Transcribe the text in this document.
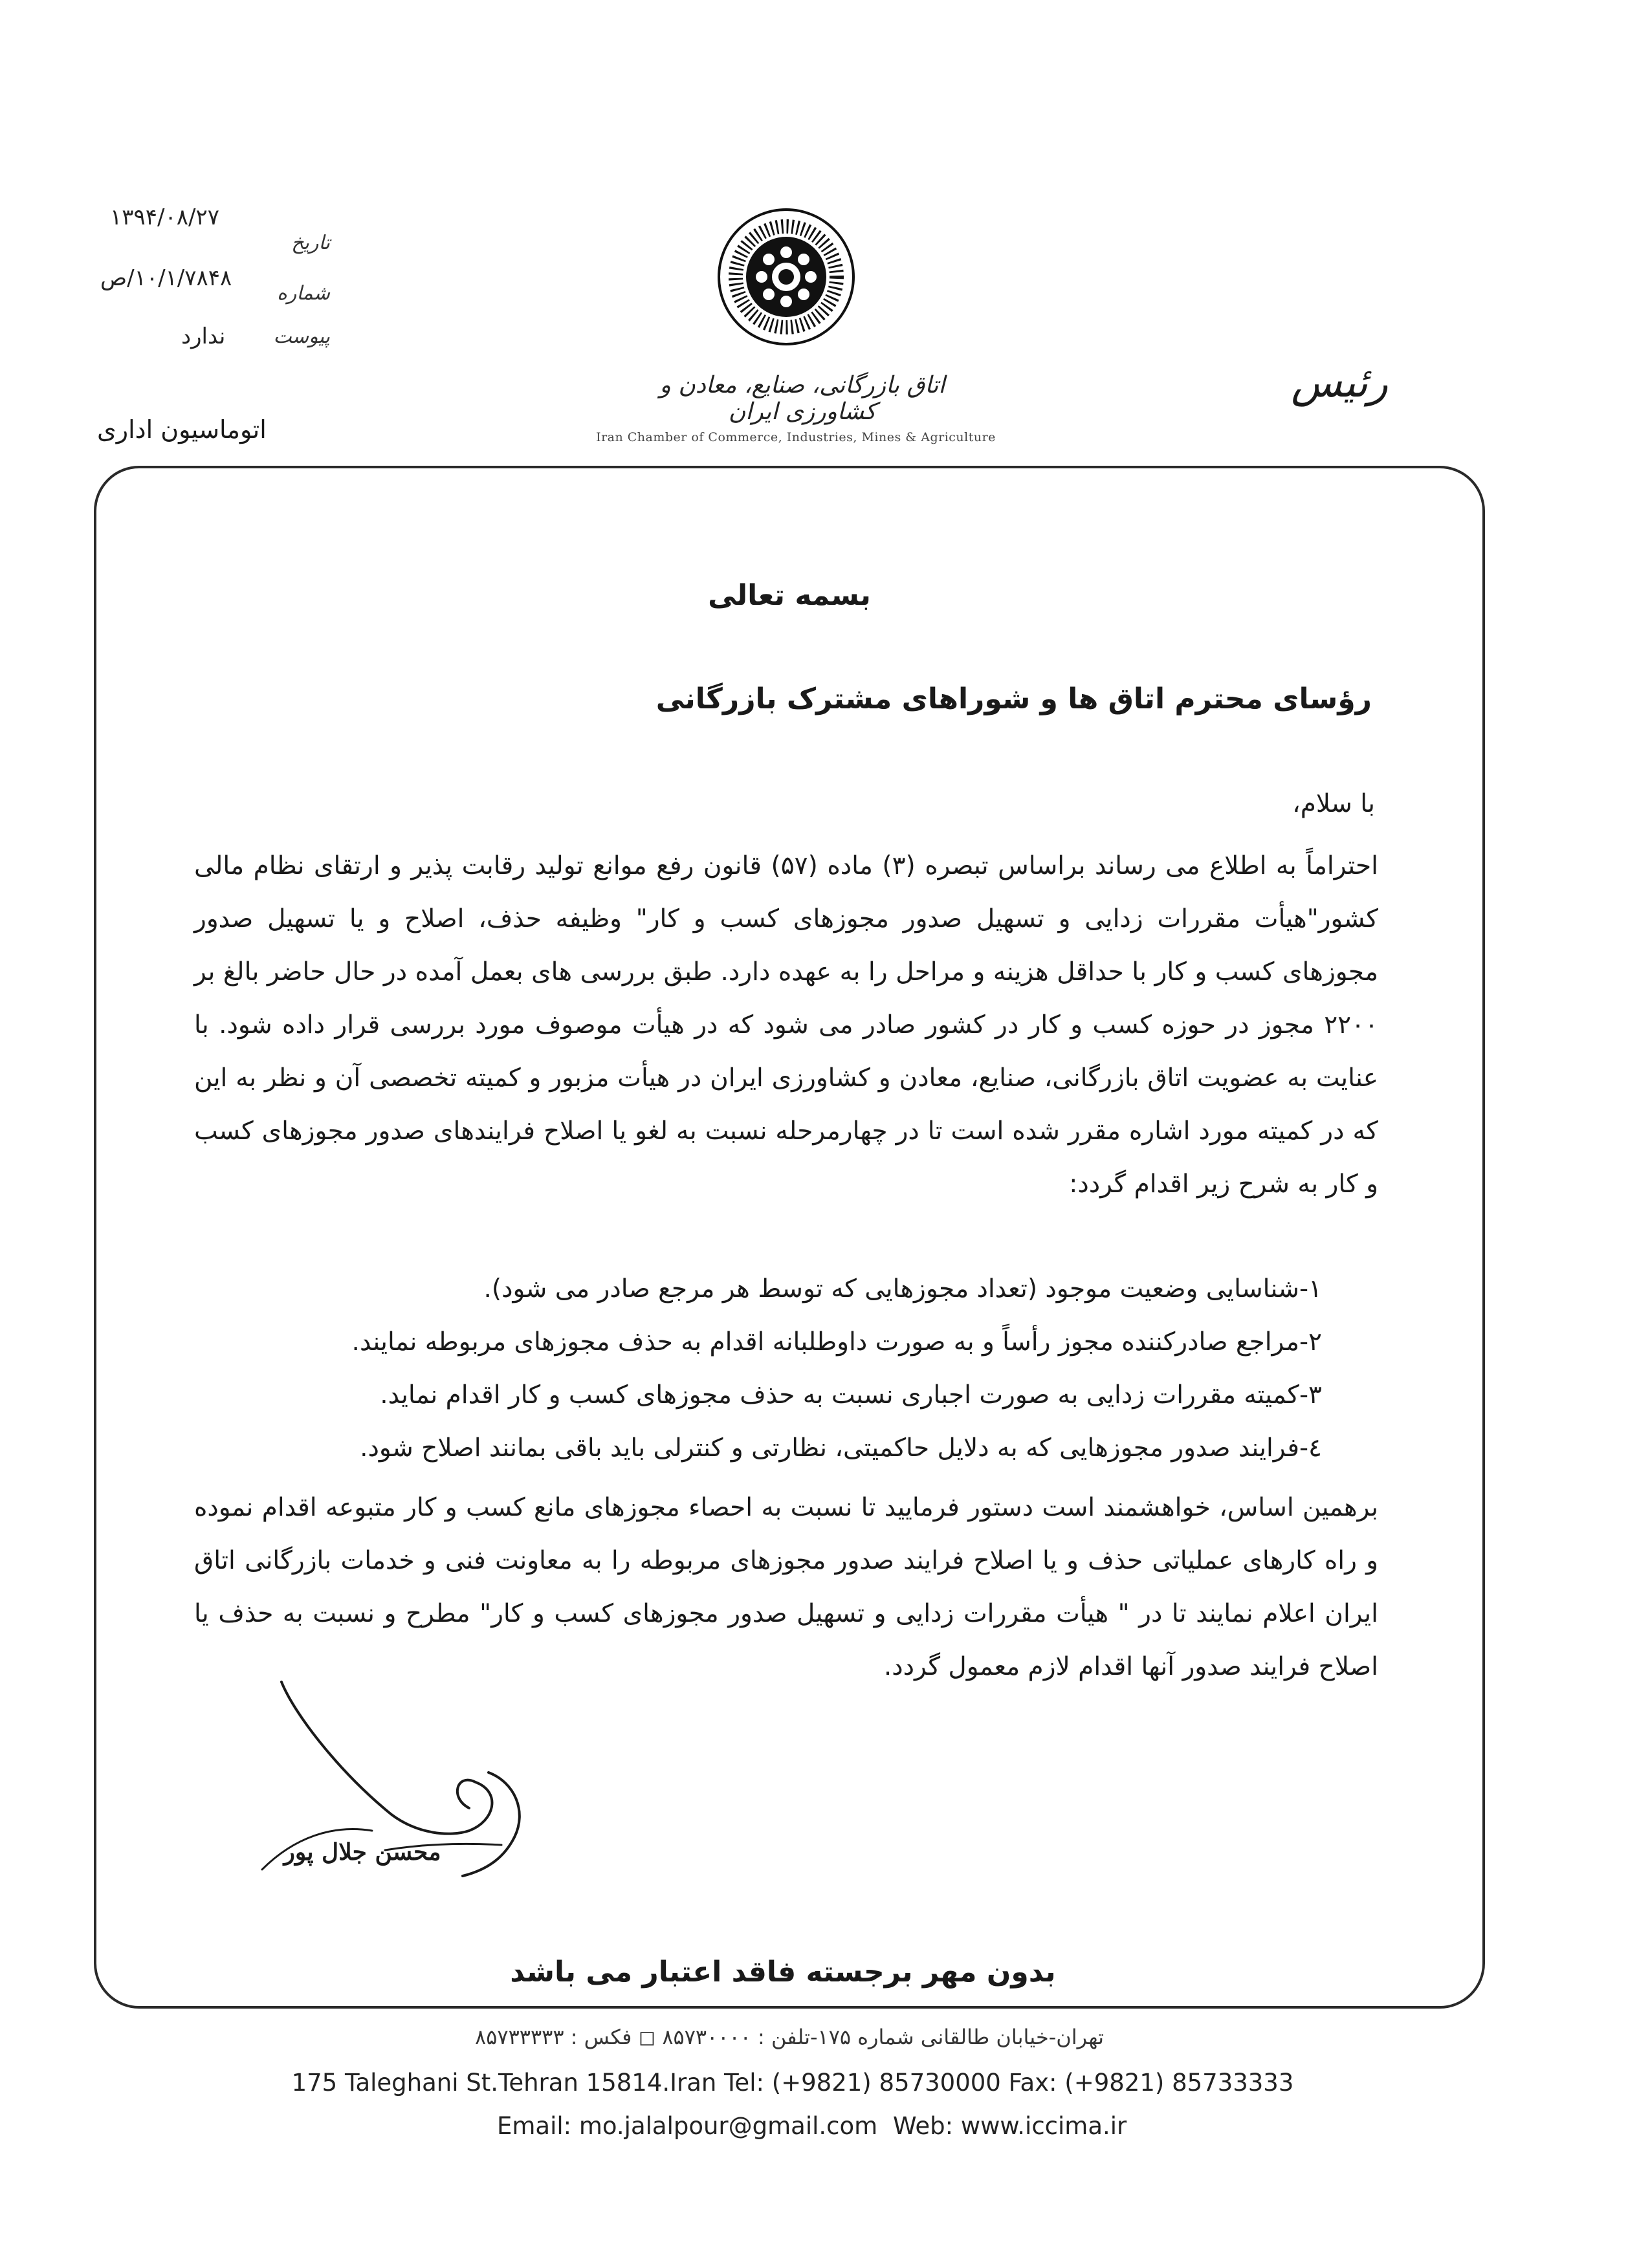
۱۳۹۴/۰۸/۲۷
تاریخ
۱۰/۱/۷۸۴۸/ص
شماره
ندارد پیوست
اتوماسیون اداری
اتاق بازرگانی، صنایع، معادن و کشاورزی ایران
Iran Chamber of Commerce, Industries, Mines & Agriculture
رئیس
بسمه تعالی
رؤسای محترم اتاق ها و شوراهای مشترک بازرگانی
با سلام،

احتراماً به اطلاع می رساند براساس تبصره (۳) ماده (۵۷) قانون رفع موانع تولید رقابت پذیر و ارتقای نظام مالی کشور"هیأت مقررات زدایی و تسهیل صدور مجوزهای کسب و کار" وظیفه حذف، اصلاح و یا تسهیل صدور مجوزهای کسب و کار با حداقل هزینه و مراحل را به عهده دارد. طبق بررسی های بعمل آمده در حال حاضر بالغ بر ۲۲۰۰ مجوز در حوزه کسب و کار در کشور صادر می شود که در هیأت موصوف مورد بررسی قرار داده شود. با عنایت به عضویت اتاق بازرگانی، صنایع، معادن و کشاورزی ایران در هیأت مزبور و کمیته تخصصی آن و نظر به این که در کمیته مورد اشاره مقرر شده است تا در چهارمرحله نسبت به لغو یا اصلاح فرایندهای صدور مجوزهای کسب و کار به شرح زیر اقدام گردد:

۱-شناسایی وضعیت موجود (تعداد مجوزهایی که توسط هر مرجع صادر می شود).
۲-مراجع صادرکننده مجوز رأساً و به صورت داوطلبانه اقدام به حذف مجوزهای مربوطه نمایند.
۳-کمیته مقررات زدایی به صورت اجباری نسبت به حذف مجوزهای کسب و کار اقدام نماید.
٤-فرایند صدور مجوزهایی که به دلایل حاکمیتی، نظارتی و کنترلی باید باقی بمانند اصلاح شود.

برهمین اساس، خواهشمند است دستور فرمایید تا نسبت به احصاء مجوزهای مانع کسب و کار متبوعه اقدام نموده و راه کارهای عملیاتی حذف و یا اصلاح فرایند صدور مجوزهای مربوطه را به معاونت فنی و خدمات بازرگانی اتاق ایران اعلام نمایند تا در " هیأت مقررات زدایی و تسهیل صدور مجوزهای کسب و کار" مطرح و نسبت به حذف یا اصلاح فرایند صدور آنها اقدام لازم معمول گردد.

محسن جلال پور
بدون مهر برجسته فاقد اعتبار می باشد
تهران-خیابان طالقانی شماره ۱۷۵-تلفن : ۸۵۷۳۰۰۰۰ ◻ فکس : ۸۵۷۳۳۳۳۳
175 Taleghani St.Tehran 15814.Iran Tel: (+9821) 85730000 Fax: (+9821) 85733333
Email: mo.jalalpour@gmail.com Web: www.iccima.ir
